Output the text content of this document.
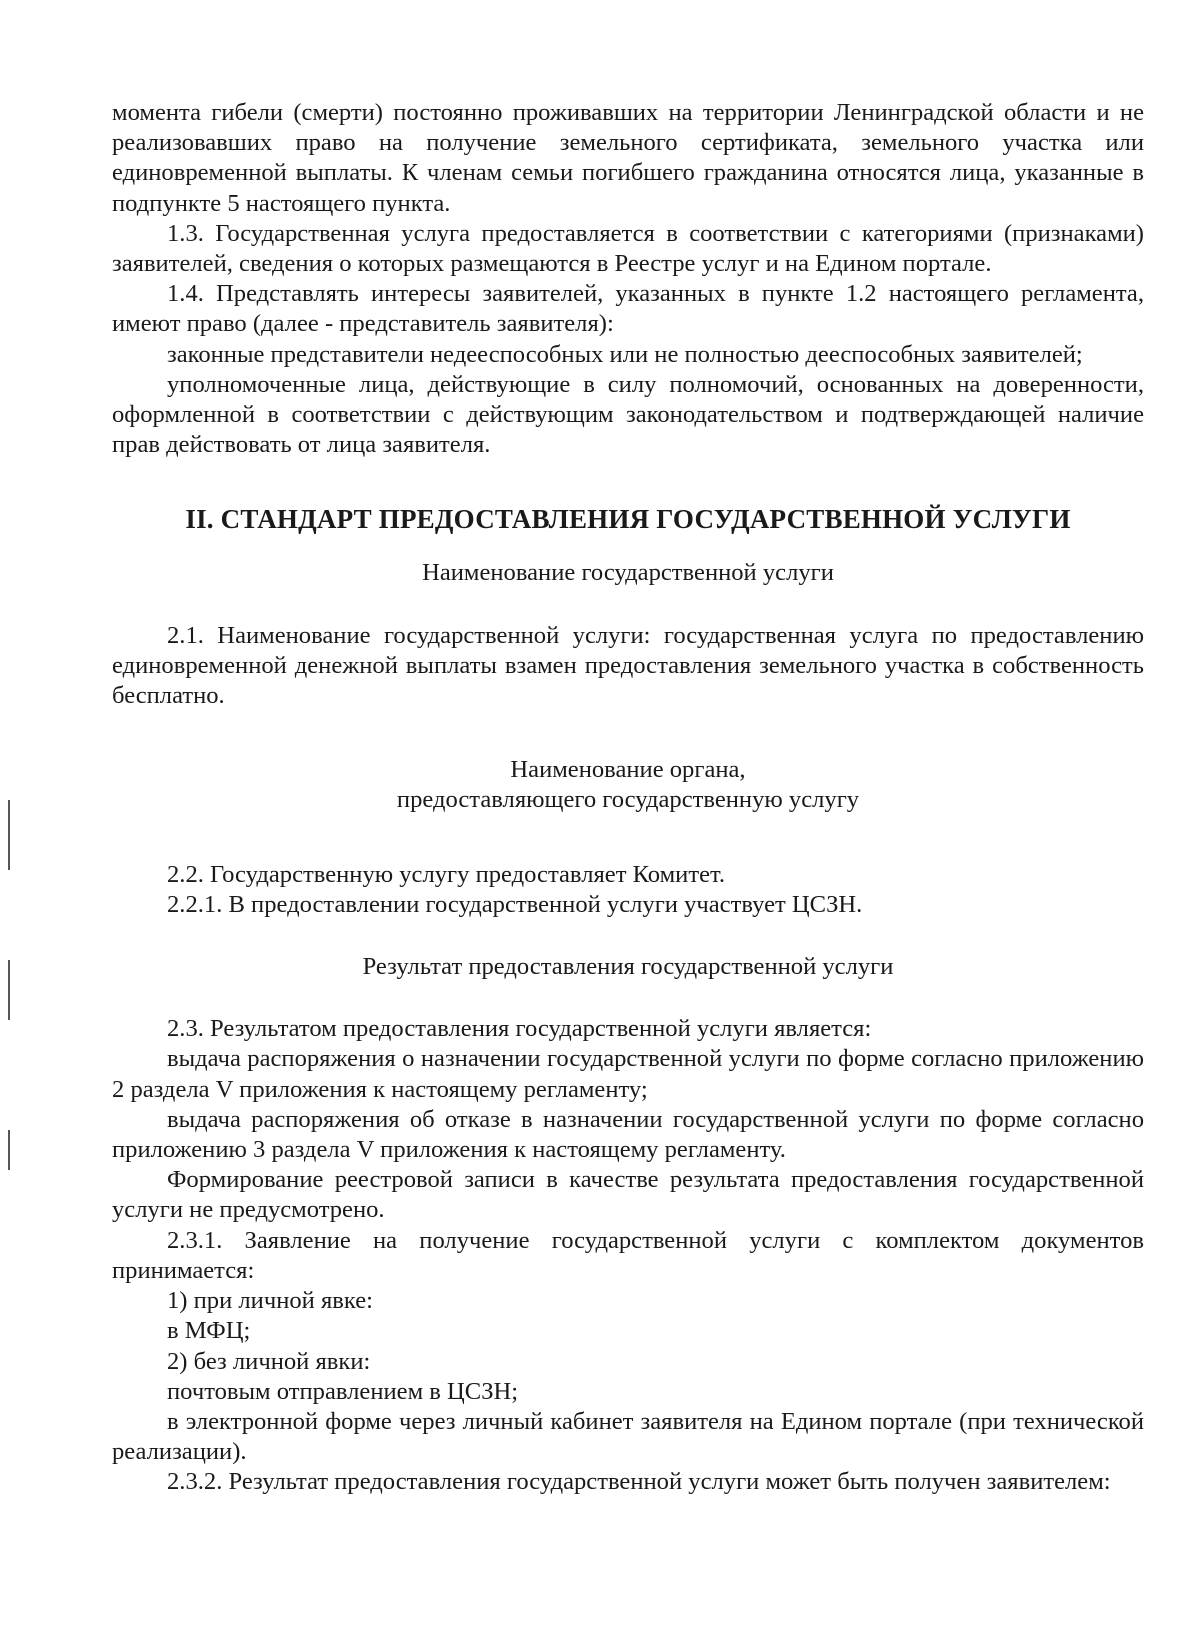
момента гибели (смерти) постоянно проживавших на территории Ленинградской области и не реализовавших право на получение земельного сертификата, земельного участка или единовременной выплаты. К членам семьи погибшего гражданина относятся лица, указанные в подпункте 5 настоящего пункта.

1.3. Государственная услуга предоставляется в соответствии с категориями (признаками) заявителей, сведения о которых размещаются в Реестре услуг и на Едином портале.

1.4. Представлять интересы заявителей, указанных в пункте 1.2 настоящего регламента, имеют право (далее - представитель заявителя):

законные представители недееспособных или не полностью дееспособных заявителей;

уполномоченные лица, действующие в силу полномочий, основанных на доверенности, оформленной в соответствии с действующим законодательством и подтверждающей наличие прав действовать от лица заявителя.

II. СТАНДАРТ ПРЕДОСТАВЛЕНИЯ ГОСУДАРСТВЕННОЙ УСЛУГИ

Наименование государственной услуги

2.1. Наименование государственной услуги: государственная услуга по предоставлению единовременной денежной выплаты взамен предоставления земельного участка в собственность бесплатно.

Наименование органа,

предоставляющего государственную услугу

2.2. Государственную услугу предоставляет Комитет.

2.2.1. В предоставлении государственной услуги участвует ЦСЗН.

Результат предоставления государственной услуги

2.3. Результатом предоставления государственной услуги является:

выдача распоряжения о назначении государственной услуги по форме согласно приложению 2 раздела V приложения к настоящему регламенту;

выдача распоряжения об отказе в назначении государственной услуги по форме согласно приложению 3 раздела V приложения к настоящему регламенту.

Формирование реестровой записи в качестве результата предоставления государственной услуги не предусмотрено.

2.3.1. Заявление на получение государственной услуги с комплектом документов принимается:

1) при личной явке:

в МФЦ;

2) без личной явки:

почтовым отправлением в ЦСЗН;

в электронной форме через личный кабинет заявителя на Едином портале (при технической реализации).

2.3.2. Результат предоставления государственной услуги может быть получен заявителем:
